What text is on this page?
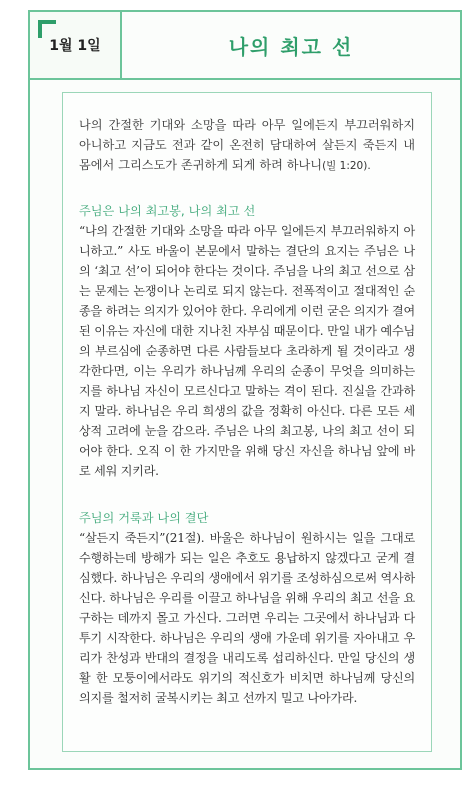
1월 1일	나의 최고 선

나의 간절한 기대와 소망을 따라 아무 일에든지 부끄러워하지 아니하고 지금도 전과 같이 온전히 담대하여 살든지 죽든지 내 몸에서 그리스도가 존귀하게 되게 하려 하나니(빌 1:20).

주님은 나의 최고봉, 나의 최고 선

“나의 간절한 기대와 소망을 따라 아무 일에든지 부끄러워하지 아니하고.” 사도 바울이 본문에서 말하는 결단의 요지는 주님은 나의 ‘최고 선’이 되어야 한다는 것이다. 주님을 나의 최고 선으로 삼는 문제는 논쟁이나 논리로 되지 않는다. 전폭적이고 절대적인 순종을 하려는 의지가 있어야 한다. 우리에게 이런 굳은 의지가 결여된 이유는 자신에 대한 지나친 자부심 때문이다. 만일 내가 예수님의 부르심에 순종하면 다른 사람들보다 초라하게 될 것이라고 생각한다면, 이는 우리가 하나님께 우리의 순종이 무엇을 의미하는지를 하나님 자신이 모르신다고 말하는 격이 된다. 진실을 간과하지 말라. 하나님은 우리 희생의 값을 정확히 아신다. 다른 모든 세상적 고려에 눈을 감으라. 주님은 나의 최고봉, 나의 최고 선이 되어야 한다. 오직 이 한 가지만을 위해 당신 자신을 하나님 앞에 바로 세워 지키라.

주님의 거룩과 나의 결단

“살든지 죽든지”(21절). 바울은 하나님이 원하시는 일을 그대로 수행하는데 방해가 되는 일은 추호도 용납하지 않겠다고 굳게 결심했다. 하나님은 우리의 생애에서 위기를 조성하심으로써 역사하신다. 하나님은 우리를 이끌고 하나님을 위해 우리의 최고 선을 요구하는 데까지 몰고 가신다. 그러면 우리는 그곳에서 하나님과 다투기 시작한다. 하나님은 우리의 생애 가운데 위기를 자아내고 우리가 찬성과 반대의 결정을 내리도록 섭리하신다. 만일 당신의 생활 한 모퉁이에서라도 위기의 적신호가 비치면 하나님께 당신의 의지를 철저히 굴복시키는 최고 선까지 밀고 나아가라.
